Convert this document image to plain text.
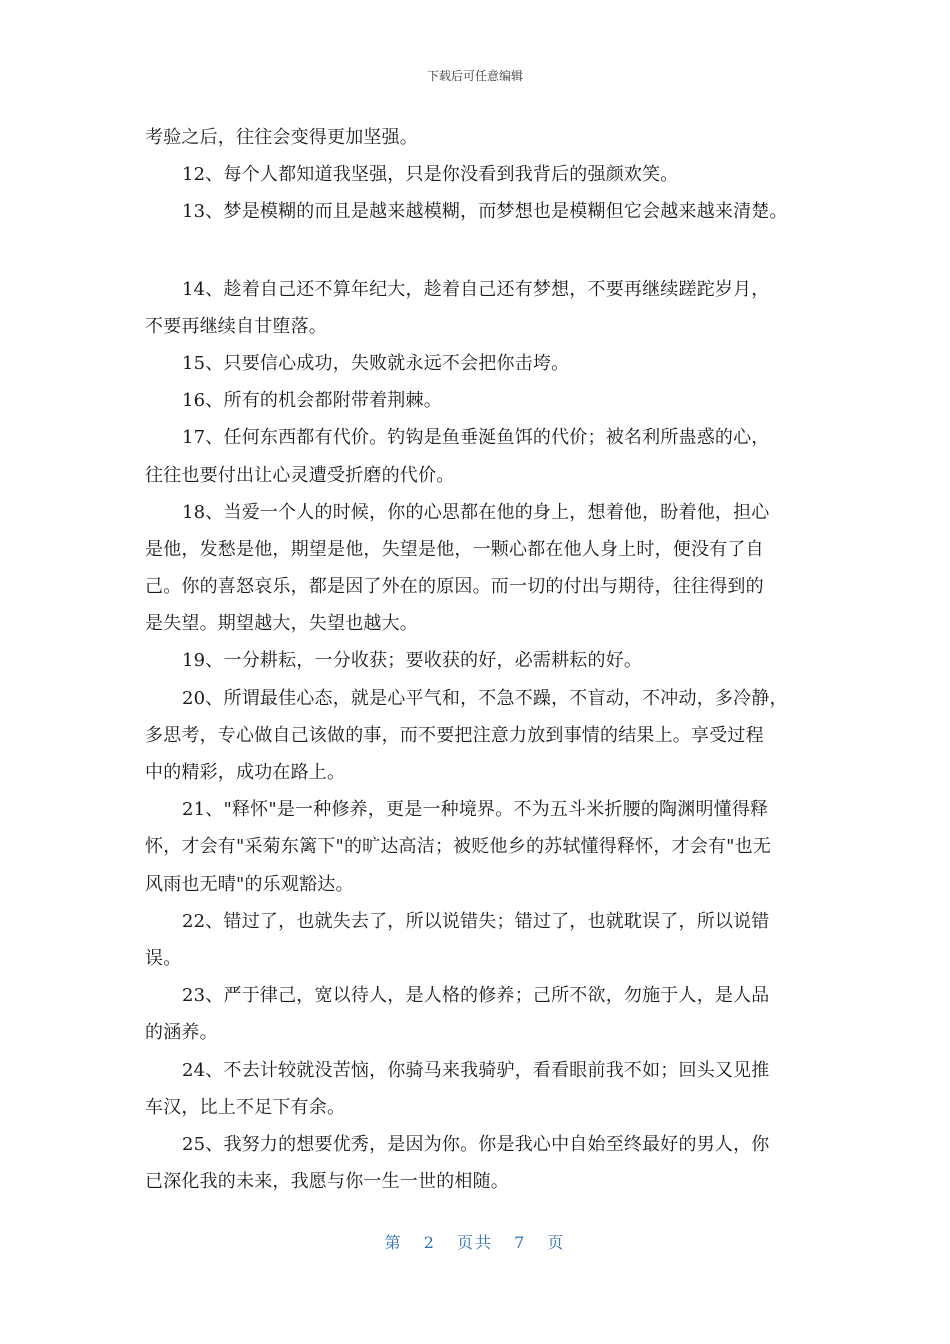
下载后可任意编辑
考验之后，往往会变得更加坚强。
12、每个人都知道我坚强，只是你没看到我背后的强颜欢笑。
13、梦是模糊的而且是越来越模糊，而梦想也是模糊但它会越来越来清楚。
14、趁着自己还不算年纪大，趁着自己还有梦想，不要再继续蹉跎岁月，
不要再继续自甘堕落。
15、只要信心成功，失败就永远不会把你击垮。
16、所有的机会都附带着荆棘。
17、任何东西都有代价。钓钩是鱼垂涎鱼饵的代价；被名利所蛊惑的心，
往往也要付出让心灵遭受折磨的代价。
18、当爱一个人的时候，你的心思都在他的身上，想着他，盼着他，担心
是他，发愁是他，期望是他，失望是他，一颗心都在他人身上时，便没有了自
己。你的喜怒哀乐，都是因了外在的原因。而一切的付出与期待，往往得到的
是失望。期望越大，失望也越大。
19、一分耕耘，一分收获；要收获的好，必需耕耘的好。
20、所谓最佳心态，就是心平气和，不急不躁，不盲动，不冲动，多冷静，
多思考，专心做自己该做的事，而不要把注意力放到事情的结果上。享受过程
中的精彩，成功在路上。
21、"释怀"是一种修养，更是一种境界。不为五斗米折腰的陶渊明懂得释
怀，才会有"采菊东篱下"的旷达高洁；被贬他乡的苏轼懂得释怀，才会有"也无
风雨也无晴"的乐观豁达。
22、错过了，也就失去了，所以说错失；错过了，也就耽误了，所以说错
误。
23、严于律己，宽以待人，是人格的修养；己所不欲，勿施于人，是人品
的涵养。
24、不去计较就没苦恼，你骑马来我骑驴，看看眼前我不如；回头又见推
车汉，比上不足下有余。
25、我努力的想要优秀，是因为你。你是我心中自始至终最好的男人，你
已深化我的未来，我愿与你一生一世的相随。
第 2 页共 7 页
